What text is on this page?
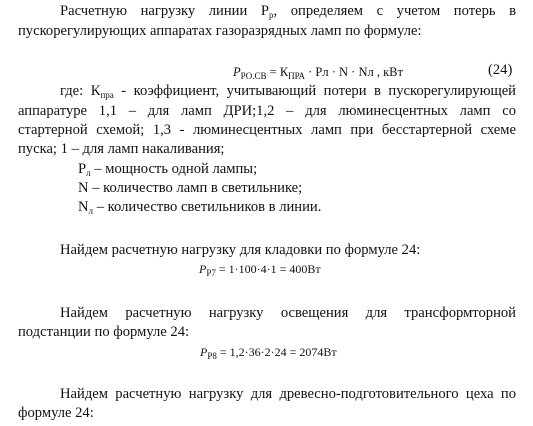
Расчетную нагрузку линии $Р_р$, определяем с учетом потерь в
пускорегулирующих аппаратах газоразрядных ламп по формуле:
$Р_{РО.СВ} = К_{ПРА}$ · Рл · N · Nл , кВт	(24)
где: $К_{пра}$ - коэффициент, учитывающий потери в пускорегулирующей
аппаратуре 1,1 – для ламп ДРИ;1,2 – для люминесцентных ламп со
стартерной схемой; 1,3 - люминесцентных ламп при бесстартерной схеме
пуска; 1 – для ламп накаливания;
$Р_л$ – мощность одной лампы;
N – количество ламп в светильнике;
$N_л$ – количество светильников в линии.
Найдем расчетную нагрузку для кладовки по формуле 24:
$Р_{Р7} = 1\cdot 100\cdot 4\cdot 1 = 400Вт$
Найдем расчетную нагрузку освещения для трансформторной
подстанции по формуле 24:
$Р_{Р8} = 1,2\cdot 36\cdot 2\cdot 24 = 2074Вт$
Найдем расчетную нагрузку для древесно-подготовительного цеха по
формуле 24:
